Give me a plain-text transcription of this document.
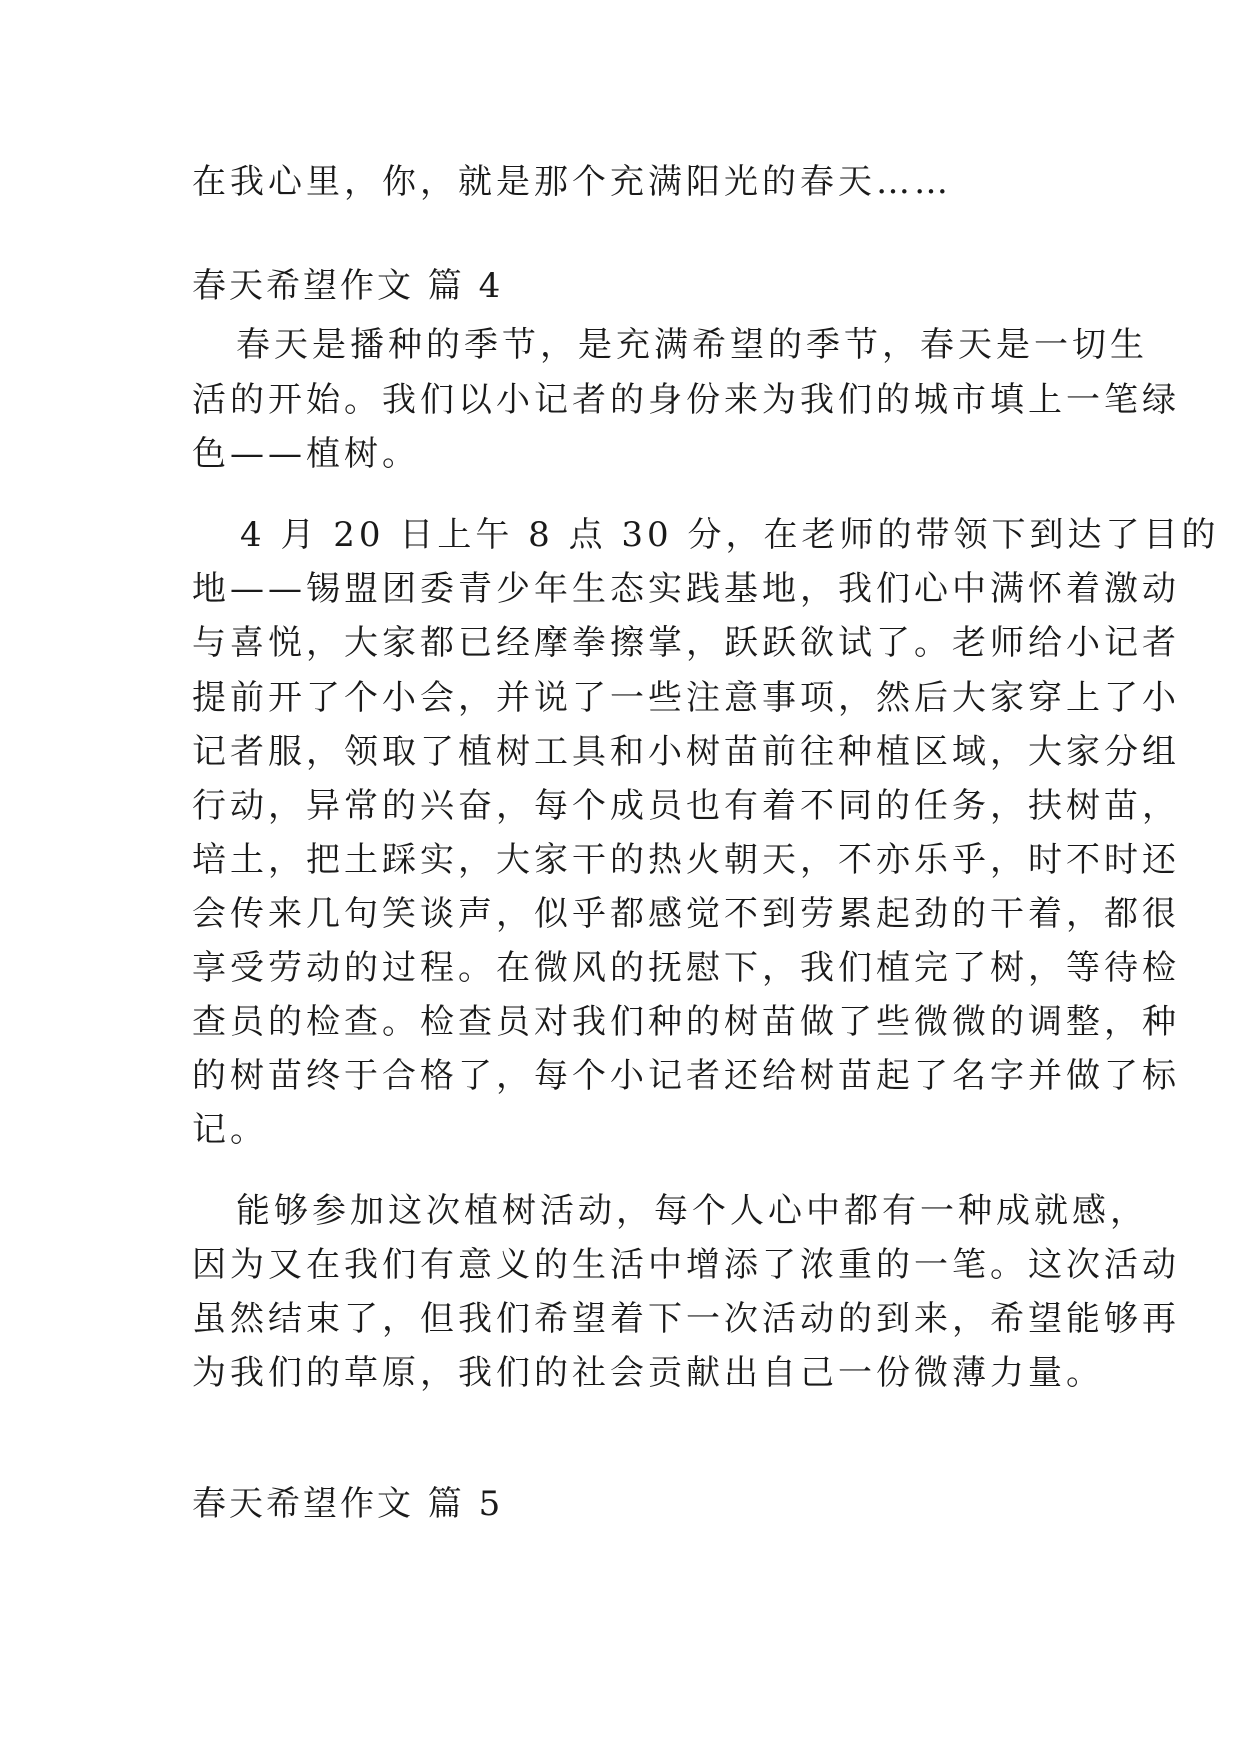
在我心里，你，就是那个充满阳光的春天……
春天希望作文 篇 4
春天是播种的季节，是充满希望的季节，春天是一切生
活的开始。我们以小记者的身份来为我们的城市填上一笔绿
色——植树。
4 月 20 日上午 8 点 30 分，在老师的带领下到达了目的
地——锡盟团委青少年生态实践基地，我们心中满怀着激动
与喜悦，大家都已经摩拳擦掌，跃跃欲试了。老师给小记者
提前开了个小会，并说了一些注意事项，然后大家穿上了小
记者服，领取了植树工具和小树苗前往种植区域，大家分组
行动，异常的兴奋，每个成员也有着不同的任务，扶树苗，
培土，把土踩实，大家干的热火朝天，不亦乐乎，时不时还
会传来几句笑谈声，似乎都感觉不到劳累起劲的干着，都很
享受劳动的过程。在微风的抚慰下，我们植完了树，等待检
查员的检查。检查员对我们种的树苗做了些微微的调整，种
的树苗终于合格了，每个小记者还给树苗起了名字并做了标
记。
能够参加这次植树活动，每个人心中都有一种成就感，
因为又在我们有意义的生活中增添了浓重的一笔。这次活动
虽然结束了，但我们希望着下一次活动的到来，希望能够再
为我们的草原，我们的社会贡献出自己一份微薄力量。
春天希望作文 篇 5
